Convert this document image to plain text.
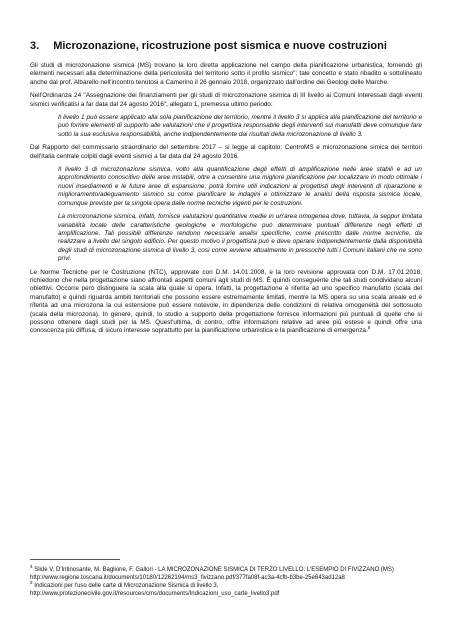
3. Microzonazione, ricostruzione post sismica e nuove costruzioni

Gli studi di microzonazione sismica (MS) trovano la loro diretta applicazione nel campo della pianificazione urbanistica, fornendo gli elementi necessari alla determinazione della pericolosità del territorio sotto il profilo sismico"; tale concetto è stato ribadito e sottolineato anche dal prof. Albarello nell'incontro tenutosi a Camerino il 26 gennaio 2018, organizzato dall'ordine dei Geologi delle Marche.

Nell'Ordinanza 24 "Assegnazione dei finanziamenti per gli studi di microzonazione sismica di III livello ai Comuni interessati dagli eventi sismici verificatisi a far data dal 24 agosto 2016", allegato 1, premessa ultimo periodo:

Il livello 1 può essere applicato alla sola pianificazione del territorio, mentre il livello 3 si applica alla pianificazione del territorio e può fornire elementi di supporto alle valutazioni che il progettista responsabile degli interventi sui manufatti deve comunque fare sotto la sua esclusiva responsabilità, anche indipendentemente dai risultati della microzonazione di livello 3.

Dal Rapporto del commissario straordinario del settembre 2017 – si legge al capitolo: CentroMS e microzonazione simica dei territori dell'Italia centrale colpiti dagli eventi sismici a far data dal 24 agosto 2016.

Il livello 3 di microzonazione sismica, volto alla quantificazione degli effetti di amplificazione nelle aree stabili e ad un approfondimento conoscitivo delle aree instabili, oltre a consentire una migliore pianificazione per localizzare in modo ottimale i nuovi insediamenti e le future aree di espansione, potrà fornire utili indicazioni ai progettisti degli interventi di riparazione e miglioramento/adeguamento sismico su come pianificare le indagini e ottimizzare le analisi della risposta sismica locale, comunque previste per la singola opera dalle norme tecniche vigenti per le costruzioni.

La microzonazione sismica, infatti, fornisce valutazioni quantitative medie in un'area omogenea dove, tuttavia, la seppur limitata variabilità locale delle caratteristiche geologiche e morfologiche può determinare puntuali differenze negli effetti di amplificazione. Tali possibili differenze rendono necessarie analisi specifiche, come prescritto dalle norme tecniche, da realizzare a livello del singolo edificio. Per questo motivo il progettista può e deve operare indipendentemente dalla disponibilità degli studi di microzonazione sismica di livello 3, così come avviene attualmente in pressoché tutti i Comuni italiani che ne sono privi.

Le Norme Tecniche per le Costruzione (NTC), approvate con D.M. 14.01.2008, e la loro revisione approvata con D.M. 17.01.2018, richiedono che nella progettazione siano affrontati aspetti comuni agli studi di MS. È quindi conseguente che tali studi condividano alcuni obiettivi. Occorre però distinguere la scala alla quale si opera. Infatti, la progettazione è riferita ad uno specifico manufatto (scala del manufatto) e quindi riguarda ambiti territoriali che possono essere estremamente limitati, mentre la MS opera su una scala areale ed è riferita ad una microzona la cui estensione può essere notevole, in dipendenza delle condizioni di relativa omogeneità del sottosuolo (scala della microzona). In genere, quindi, lo studio a supporto della progettazione fornisce informazioni più puntuali di quelle che si possono ottenere dagli studi per la MS. Quest'ultima, di contro, offre informazioni relative ad aree più estese e quindi offre una conoscenza più diffusa, di sicuro interesse soprattutto per la pianificazione urbanistica e la pianificazione di emergenza.$^5$

$^4$ Slide V. D'Intinosante, M. Baglione, F. Gallori - LA MICROZONAZIONE SISMICA DI TERZO LIVELLO: L'ESEMPIO DI FIVIZZANO (MS)

http://www.regione.toscana.it/documents/10180/12262194/ms3_fivizzano.pdf/377fa08f-ac3a-4cfb-b3be-25e643ad12a8

$^5$ Indicazioni per l'uso delle carte di Microzonazione Sismica di livello 3,

http://www.protezionecivile.gov.it/resources/cms/documents/Indicazioni_uso_carte_livello3.pdf
